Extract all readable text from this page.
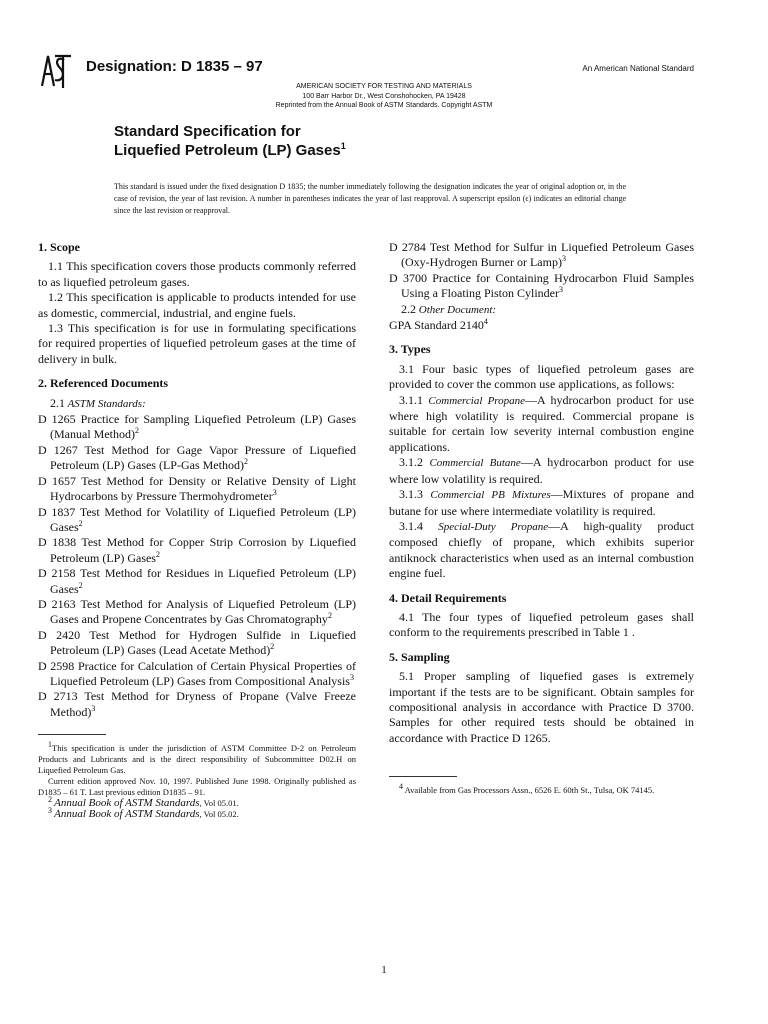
Designation: D 1835 – 97	An American National Standard
AMERICAN SOCIETY FOR TESTING AND MATERIALS
100 Barr Harbor Dr., West Conshohocken, PA 19428
Reprinted from the Annual Book of ASTM Standards. Copyright ASTM
Standard Specification for
Liquefied Petroleum (LP) Gases$^1$
This standard is issued under the fixed designation D 1835; the number immediately following the designation indicates the year of original adoption or, in the case of revision, the year of last revision. A number in parentheses indicates the year of last reapproval. A superscript epsilon (ϵ) indicates an editorial change since the last revision or reapproval.
1. Scope

1.1 This specification covers those products commonly referred to as liquefied petroleum gases.

1.2 This specification is applicable to products intended for use as domestic, commercial, industrial, and engine fuels.

1.3 This specification is for use in formulating specifications for required properties of liquefied petroleum gases at the time of delivery in bulk.

2. Referenced Documents
2.1 ASTM Standards:

D 1265 Practice for Sampling Liquefied Petroleum (LP) Gases (Manual Method)$^2$

D 1267 Test Method for Gage Vapor Pressure of Liquefied Petroleum (LP) Gases (LP-Gas Method)$^2$

D 1657 Test Method for Density or Relative Density of Light Hydrocarbons by Pressure Thermohydrometer$^3$

D 1837 Test Method for Volatility of Liquefied Petroleum (LP) Gases$^2$

D 1838 Test Method for Copper Strip Corrosion by Liquefied Petroleum (LP) Gases$^2$

D 2158 Test Method for Residues in Liquefied Petroleum (LP) Gases$^2$

D 2163 Test Method for Analysis of Liquefied Petroleum (LP) Gases and Propene Concentrates by Gas Chromatography$^2$

D 2420 Test Method for Hydrogen Sulfide in Liquefied Petroleum (LP) Gases (Lead Acetate Method)$^2$

D 2598 Practice for Calculation of Certain Physical Properties of Liquefied Petroleum (LP) Gases from Compositional Analysis$^3$

D 2713 Test Method for Dryness of Propane (Valve Freeze Method)$^3$

$^1$This specification is under the jurisdiction of ASTM Committee D-2 on Petroleum Products and Lubricants and is the direct responsibility of Subcommittee D02.H on Liquefied Petroleum Gas.

Current edition approved Nov. 10, 1997. Published June 1998. Originally published as D1835 – 61 T. Last previous edition D1835 – 91.

$^2$ Annual Book of ASTM Standards, Vol 05.01.

$^3$ Annual Book of ASTM Standards, Vol 05.02.

D 2784 Test Method for Sulfur in Liquefied Petroleum Gases (Oxy-Hydrogen Burner or Lamp)$^3$

D 3700 Practice for Containing Hydrocarbon Fluid Samples Using a Floating Piston Cylinder$^3$

2.2 Other Document:

GPA Standard 2140$^4$

3. Types

3.1 Four basic types of liquefied petroleum gases are provided to cover the common use applications, as follows:

3.1.1 Commercial Propane—A hydrocarbon product for use where high volatility is required. Commercial propane is suitable for certain low severity internal combustion engine applications.

3.1.2 Commercial Butane—A hydrocarbon product for use where low volatility is required.

3.1.3 Commercial PB Mixtures—Mixtures of propane and butane for use where intermediate volatility is required.

3.1.4 Special-Duty Propane—A high-quality product composed chiefly of propane, which exhibits superior antiknock characteristics when used as an internal combustion engine fuel.

4. Detail Requirements

4.1 The four types of liquefied petroleum gases shall conform to the requirements prescribed in Table 1 .

5. Sampling

5.1 Proper sampling of liquefied gases is extremely important if the tests are to be significant. Obtain samples for compositional analysis in accordance with Practice D 3700. Samples for other required tests should be obtained in accordance with Practice D 1265.

$^4$ Available from Gas Processors Assn., 6526 E. 60th St., Tulsa, OK 74145.

1
